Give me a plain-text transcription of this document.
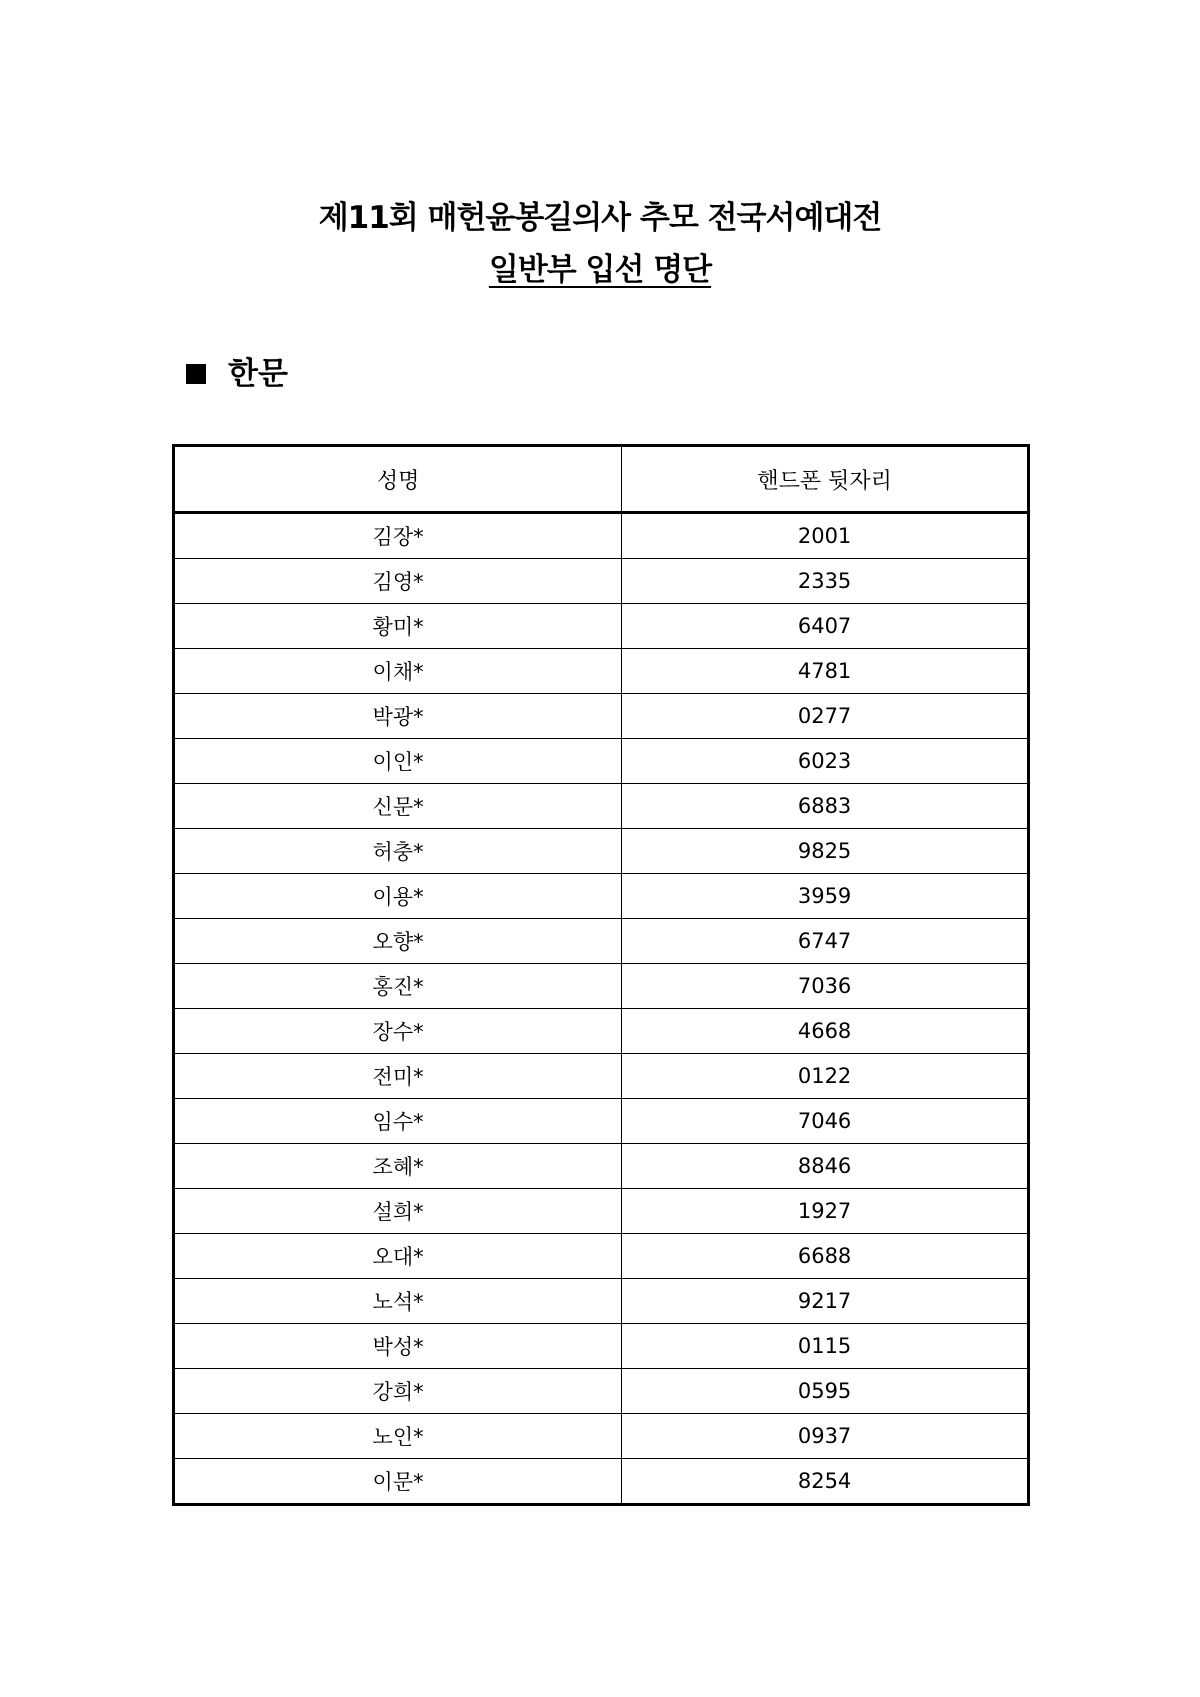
제11회 매헌윤봉길의사 추모 전국서예대전
일반부 입선 명단
한문
성명	핸드폰 뒷자리
김장*	2001
김영*	2335
황미*	6407
이채*	4781
박광*	0277
이인*	6023
신문*	6883
허충*	9825
이용*	3959
오향*	6747
홍진*	7036
장수*	4668
전미*	0122
임수*	7046
조혜*	8846
설희*	1927
오대*	6688
노석*	9217
박성*	0115
강희*	0595
노인*	0937
이문*	8254
